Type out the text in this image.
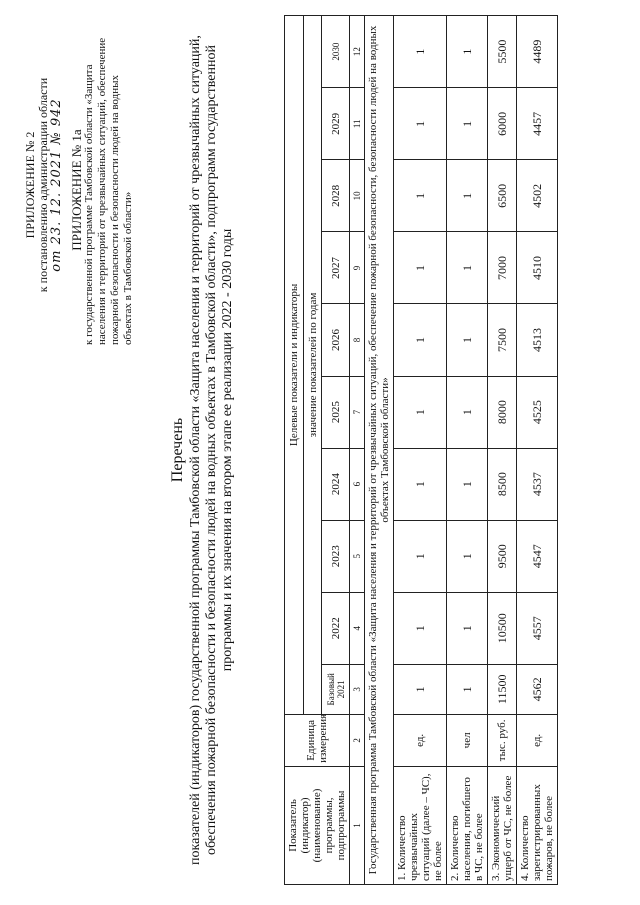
ПРИЛОЖЕНИЕ № 2 к постановлению администрации области от 23. 12. 2021 № 942 ПРИЛОЖЕНИЕ № 1а к государственной программе Тамбовской области «Защита населения и территорий от чрезвычайных ситуаций, обеспечение пожарной безопасности и безопасности людей на водных объектах в Тамбовской области»
Перечень показателей (индикаторов) государственной программы Тамбовской области «Защита населения и территорий от чрезвычайных ситуаций, обеспечения пожарной безопасности и безопасности людей на водных объектах в Тамбовской области», подпрограмм государственной программы и их значения на втором этапе ее реализации 2022 - 2030 годы
Показатель (индикатор) (наименование) программы, подпрограммы	Единица измерения	Целевые показатели и индикаторы									
		значение показателей по годам									
		Базовый 2021	2022	2023	2024	2025	2026	2027	2028	2029	2030
1	2	3	4	5	6	7	8	9	10	11	12
Государственная программа Тамбовской области «Защита населения и территорий от чрезвычайных ситуаций, обеспечение пожарной безопасности, безопасности людей на водных объектах Тамбовской области»											
1. Количество чрезвычайных ситуаций (далее – ЧС), не более	ед.	1	1	1	1	1	1	1	1	1	1
2. Количество населения, погибшего в ЧС, не более	чел	1	1	1	1	1	1	1	1	1	1
3. Экономический ущерб от ЧС, не более	тыс. руб.	11500	10500	9500	8500	8000	7500	7000	6500	6000	5500
4. Количество зарегистрированных пожаров, не более	ед.	4562	4557	4547	4537	4525	4513	4510	4502	4457	4489
